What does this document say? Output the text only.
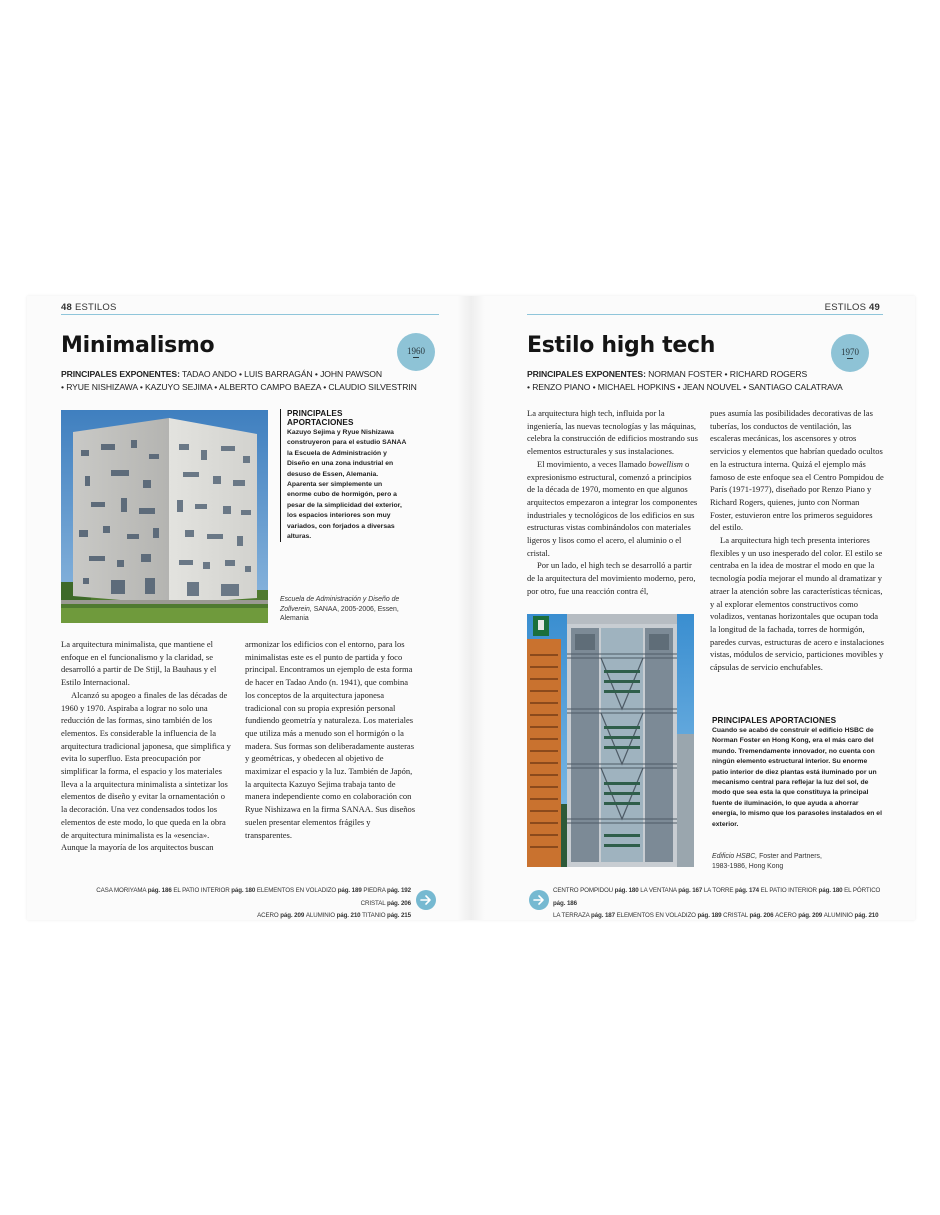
48 ESTILOS
Minimalismo	1960

PRINCIPALES EXPONENTES: TADAO ANDO • LUIS BARRAGÁN • JOHN PAWSON
• RYUE NISHIZAWA • KAZUYO SEJIMA • ALBERTO CAMPO BAEZA • CLAUDIO SILVESTRIN

PRINCIPALES APORTACIONES
Kazuyo Sejima y Ryue Nishizawa construyeron para el estudio SANAA la Escuela de Administración y Diseño en una zona industrial en desuso de Essen, Alemania. Aparenta ser simplemente un enorme cubo de hormigón, pero a pesar de la simplicidad del exterior, los espacios interiores son muy variados, con forjados a diversas alturas.
Escuela de Administración y Diseño de Zollverein, SANAA, 2005-2006, Essen, Alemania

La arquitectura minimalista, que mantiene el enfoque en el funcionalismo y la claridad, se desarrolló a partir de De Stijl, la Bauhaus y el Estilo Internacional.

Alcanzó su apogeo a finales de las décadas de 1960 y 1970. Aspiraba a lograr no solo una reducción de las formas, sino también de los elementos. Es considerable la influencia de la arquitectura tradicional japonesa, que simplifica y evita lo superfluo. Esta preocupación por simplificar la forma, el espacio y los materiales lleva a la arquitectura minimalista a sintetizar los elementos de diseño y evitar la ornamentación o la decoración. Una vez condensados todos los elementos de este modo, lo que queda en la obra de arquitectura minimalista es la «esencia». Aunque la mayoría de los arquitectos buscan

armonizar los edificios con el entorno, para los minimalistas este es el punto de partida y foco principal. Encontramos un ejemplo de esta forma de hacer en Tadao Ando (n. 1941), que combina los conceptos de la arquitectura japonesa tradicional con su propia expresión personal fundiendo geometría y naturaleza. Los materiales que utiliza más a menudo son el hormigón o la madera. Sus formas son deliberadamente austeras y geométricas, y obedecen al objetivo de maximizar el espacio y la luz. También de Japón, la arquitecta Kazuyo Sejima trabaja tanto de manera independiente como en colaboración con Ryue Nishizawa en la firma SANAA. Sus diseños suelen presentar elementos frágiles y transparentes.

CASA MORIYAMA pág. 186 EL PATIO INTERIOR pág. 180 ELEMENTOS EN VOLADIZO pág. 189 PIEDRA pág. 192 CRISTAL pág. 206
ACERO pág. 209 ALUMINIO pág. 210 TITANIO pág. 215
ESTILOS 49
Estilo high tech	1970

PRINCIPALES EXPONENTES: NORMAN FOSTER • RICHARD ROGERS
• RENZO PIANO • MICHAEL HOPKINS • JEAN NOUVEL • SANTIAGO CALATRAVA

La arquitectura high tech, influida por la ingeniería, las nuevas tecnologías y las máquinas, celebra la construcción de edificios mostrando sus elementos estructurales y sus instalaciones.

El movimiento, a veces llamado bowellism o expresionismo estructural, comenzó a principios de la década de 1970, momento en que algunos arquitectos empezaron a integrar los componentes industriales y tecnológicos de los edificios en sus estructuras vistas combinándolos con materiales ligeros y lisos como el acero, el aluminio o el cristal.

Por un lado, el high tech se desarrolló a partir de la arquitectura del movimiento moderno, pero, por otro, fue una reacción contra él,

pues asumía las posibilidades decorativas de las tuberías, los conductos de ventilación, las escaleras mecánicas, los ascensores y otros servicios y elementos que habrían quedado ocultos en la estructura interna. Quizá el ejemplo más famoso de este enfoque sea el Centro Pompidou de París (1971-1977), diseñado por Renzo Piano y Richard Rogers, quienes, junto con Norman Foster, estuvieron entre los primeros seguidores del estilo.

La arquitectura high tech presenta interiores flexibles y un uso inesperado del color. El estilo se centraba en la idea de mostrar el modo en que la tecnología podía mejorar el mundo al dramatizar y atraer la atención sobre las características técnicas, y al explorar elementos constructivos como voladizos, ventanas horizontales que ocupan toda la longitud de la fachada, torres de hormigón, paredes curvas, estructuras de acero e instalaciones vistas, módulos de servicio, particiones movibles y cápsulas de servicio enchufables.

PRINCIPALES APORTACIONES
Cuando se acabó de construir el edificio HSBC de Norman Foster en Hong Kong, era el más caro del mundo. Tremendamente innovador, no cuenta con ningún elemento estructural interior. Su enorme patio interior de diez plantas está iluminado por un mecanismo central para reflejar la luz del sol, de modo que sea esta la que constituya la principal fuente de iluminación, lo que ayuda a ahorrar energía, lo mismo que los parasoles instalados en el exterior.
Edificio HSBC, Foster and Partners,
1983-1986, Hong Kong
CENTRO POMPIDOU pág. 180 LA VENTANA pág. 167 LA TORRE pág. 174 EL PATIO INTERIOR pág. 180 EL PÓRTICO pág. 186
LA TERRAZA pág. 187 ELEMENTOS EN VOLADIZO pág. 189 CRISTAL pág. 206 ACERO pág. 209 ALUMINIO pág. 210
